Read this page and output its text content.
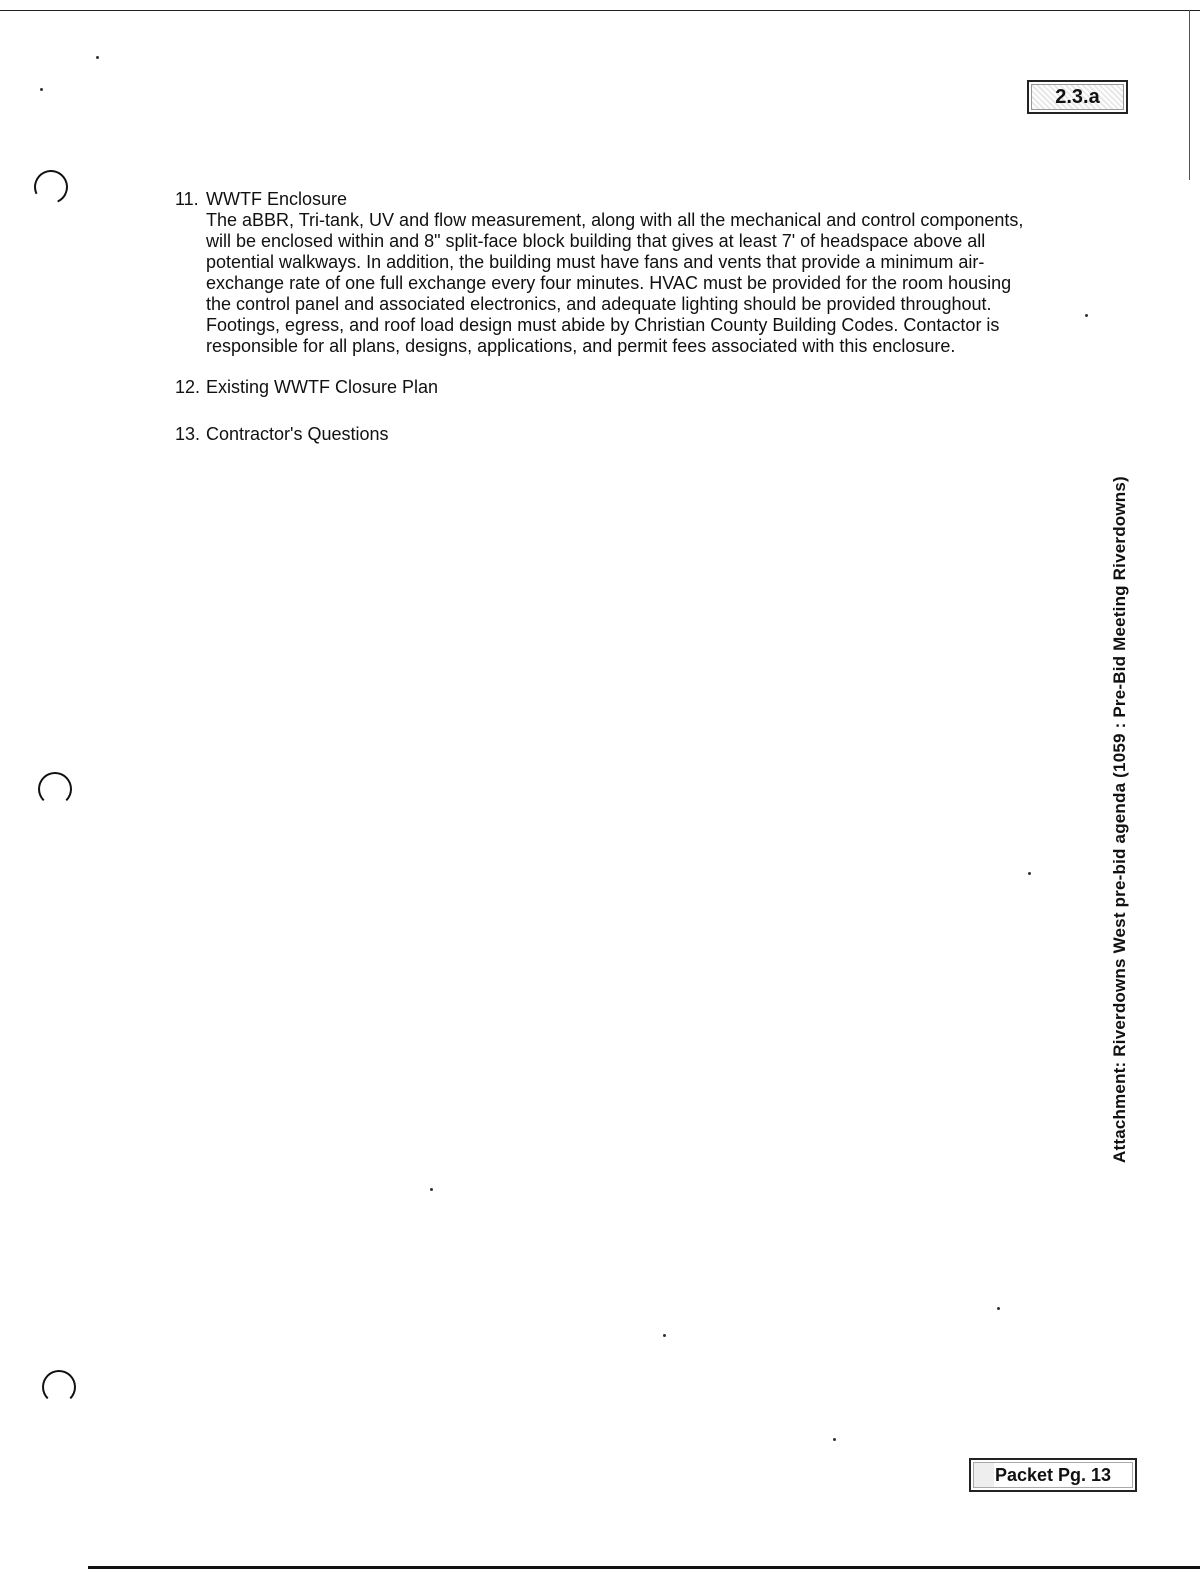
2.3.a
11. WWTF Enclosure

The aBBR, Tri-tank, UV and flow measurement, along with all the mechanical and control components, will be enclosed within and 8" split-face block building that gives at least 7' of headspace above all potential walkways. In addition, the building must have fans and vents that provide a minimum air-exchange rate of one full exchange every four minutes. HVAC must be provided for the room housing the control panel and associated electronics, and adequate lighting should be provided throughout. Footings, egress, and roof load design must abide by Christian County Building Codes. Contactor is responsible for all plans, designs, applications, and permit fees associated with this enclosure.

12. Existing WWTF Closure Plan
13. Contractor's Questions
Attachment: Riverdowns West pre-bid agenda (1059 : Pre-Bid Meeting Riverdowns)
Packet Pg. 13
